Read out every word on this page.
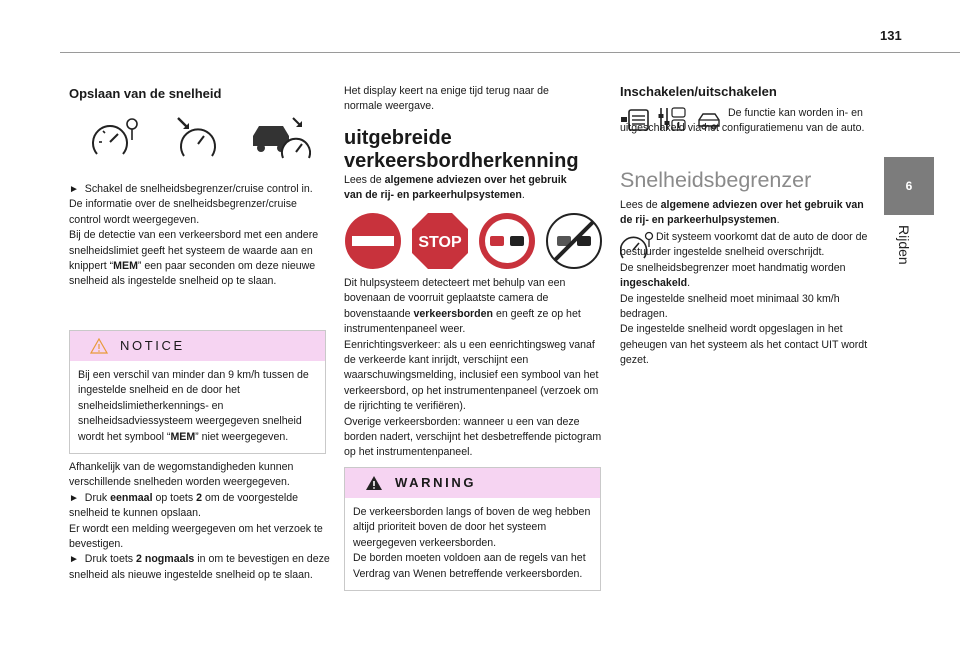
131
6
Rijden
Opslaan van de snelheid

► Schakel de snelheidsbegrenzer/cruise control in.

De informatie over de snelheidsbegrenzer/cruise control wordt weergegeven.

Bij de detectie van een verkeersbord met een andere snelheidslimiet geeft het systeem de waarde aan en knippert “MEM” een paar seconden om deze nieuwe snelheid als ingestelde snelheid op te slaan.

NOTICE

Bij een verschil van minder dan 9 km/h tussen de ingestelde snelheid en de door het snelheidslimietherkennings- en snelheidsadviessysteem weergegeven snelheid wordt het symbool “MEM” niet weergegeven.

Afhankelijk van de wegomstandigheden kunnen verschillende snelheden worden weergegeven.

► Druk eenmaal op toets 2 om de voorgestelde snelheid te kunnen opslaan.

Er wordt een melding weergegeven om het verzoek te bevestigen.

► Druk toets 2 nogmaals in om te bevestigen en deze snelheid als nieuwe ingestelde snelheid op te slaan.

Het display keert na enige tijd terug naar de normale weergave.

uitgebreide
verkeersbordherkenning

Lees de algemene adviezen over het gebruik van de rij- en parkeerhulpsystemen.

STOP

Dit hulpsysteem detecteert met behulp van een bovenaan de voorruit geplaatste camera de bovenstaande verkeersborden en geeft ze op het instrumentenpaneel weer.

Eenrichtingsverkeer: als u een eenrichtingsweg vanaf de verkeerde kant inrijdt, verschijnt een waarschuwingsmelding, inclusief een symbool van het verkeersbord, op het instrumentenpaneel (verzoek om de rijrichting te verifiëren).

Overige verkeersborden: wanneer u een van deze borden nadert, verschijnt het desbetreffende pictogram op het instrumentenpaneel.

WARNING

De verkeersborden langs of boven de weg hebben altijd prioriteit boven de door het systeem weergegeven verkeersborden.

De borden moeten voldoen aan de regels van het Verdrag van Wenen betreffende verkeersborden.

Inschakelen/uitschakelen

De functie kan worden in- en uitgeschakeld via het configuratiemenu van de auto.

Snelheidsbegrenzer

Lees de algemene adviezen over het gebruik van de rij- en parkeerhulpsystemen.

Dit systeem voorkomt dat de auto de door de bestuurder ingestelde snelheid overschrijdt.

De snelheidsbegrenzer moet handmatig worden ingeschakeld.

De ingestelde snelheid moet minimaal 30 km/h bedragen.

De ingestelde snelheid wordt opgeslagen in het geheugen van het systeem als het contact UIT wordt gezet.
